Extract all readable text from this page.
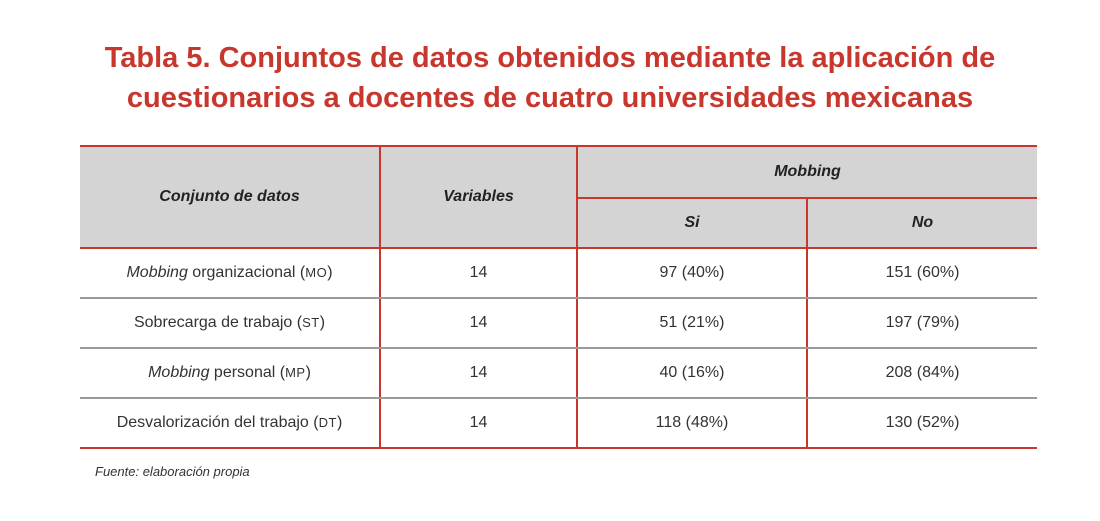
Tabla 5. Conjuntos de datos obtenidos mediante la aplicación de
cuestionarios a docentes de cuatro universidades mexicanas
Conjunto de datos	Variables	Mobbing	
		Si	No
Mobbing organizacional (MO)	14	97 (40%)	151 (60%)
Sobrecarga de trabajo (ST)	14	51 (21%)	197 (79%)
Mobbing personal (MP)	14	40 (16%)	208 (84%)
Desvalorización del trabajo (DT)	14	118 (48%)	130 (52%)
Fuente: elaboración propia
